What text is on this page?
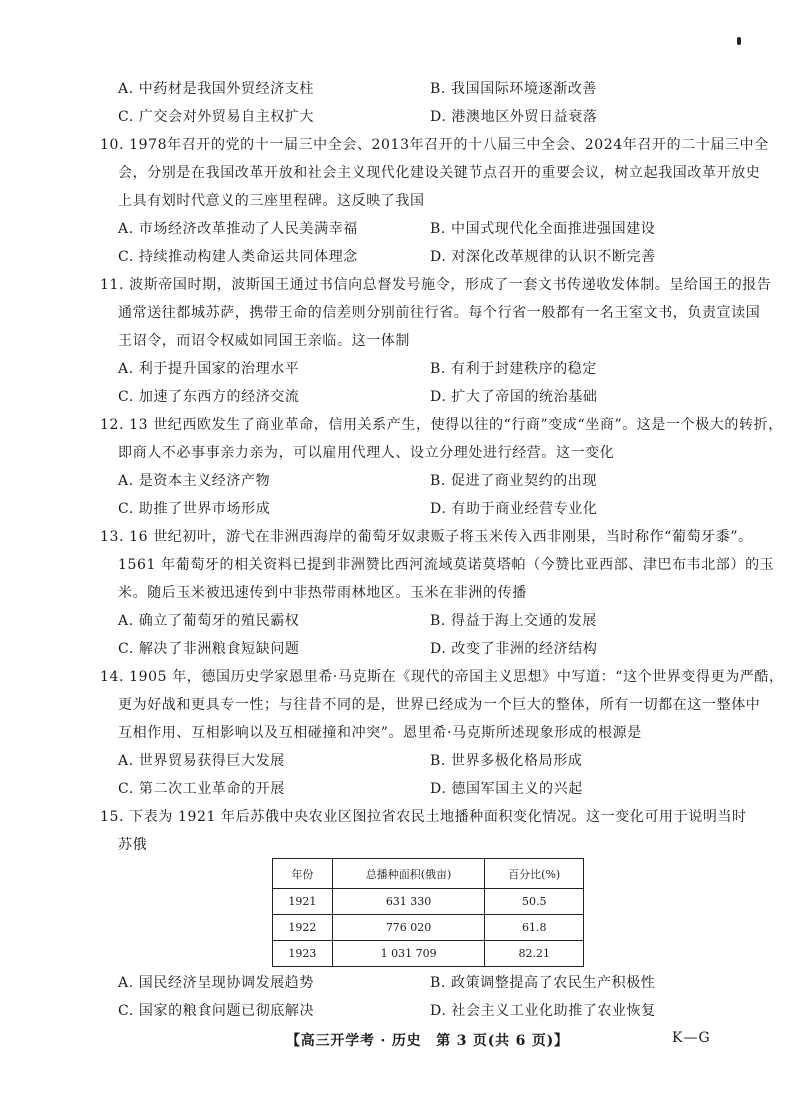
A. 中药材是我国外贸经济支柱	B. 我国国际环境逐渐改善
C. 广交会对外贸易自主权扩大	D. 港澳地区外贸日益衰落
10. 1978年召开的党的十一届三中全会、2013年召开的十八届三中全会、2024年召开的二十届三中全
会，分别是在我国改革开放和社会主义现代化建设关键节点召开的重要会议，树立起我国改革开放史
上具有划时代意义的三座里程碑。这反映了我国
A. 市场经济改革推动了人民美满幸福	B. 中国式现代化全面推进强国建设
C. 持续推动构建人类命运共同体理念	D. 对深化改革规律的认识不断完善
11. 波斯帝国时期，波斯国王通过书信向总督发号施令，形成了一套文书传递收发体制。呈给国王的报告
通常送往都城苏萨，携带王命的信差则分别前往行省。每个行省一般都有一名王室文书，负责宣读国
王诏令，而诏令权威如同国王亲临。这一体制
A. 利于提升国家的治理水平	B. 有利于封建秩序的稳定
C. 加速了东西方的经济交流	D. 扩大了帝国的统治基础
12. 13 世纪西欧发生了商业革命，信用关系产生，使得以往的“行商”变成“坐商”。这是一个极大的转折，
即商人不必事事亲力亲为，可以雇用代理人、设立分理处进行经营。这一变化
A. 是资本主义经济产物	B. 促进了商业契约的出现
C. 助推了世界市场形成	D. 有助于商业经营专业化
13. 16 世纪初叶，游弋在非洲西海岸的葡萄牙奴隶贩子将玉米传入西非刚果，当时称作“葡萄牙黍”。
1561 年葡萄牙的相关资料已提到非洲赞比西河流域莫诺莫塔帕（今赞比亚西部、津巴布韦北部）的玉
米。随后玉米被迅速传到中非热带雨林地区。玉米在非洲的传播
A. 确立了葡萄牙的殖民霸权	B. 得益于海上交通的发展
C. 解决了非洲粮食短缺问题	D. 改变了非洲的经济结构
14. 1905 年，德国历史学家恩里希·马克斯在《现代的帝国主义思想》中写道：“这个世界变得更为严酷，
更为好战和更具专一性；与往昔不同的是，世界已经成为一个巨大的整体，所有一切都在这一整体中
互相作用、互相影响以及互相碰撞和冲突”。恩里希·马克斯所述现象形成的根源是
A. 世界贸易获得巨大发展	B. 世界多极化格局形成
C. 第二次工业革命的开展	D. 德国军国主义的兴起
15. 下表为 1921 年后苏俄中央农业区图拉省农民土地播种面积变化情况。这一变化可用于说明当时
苏俄
年份	总播种面积(俄亩)	百分比(%)
1921	631 330	50.5
1922	776 020	61.8
1923	1 031 709	82.21
A. 国民经济呈现协调发展趋势	B. 政策调整提高了农民生产积极性
C. 国家的粮食问题已彻底解决	D. 社会主义工业化助推了农业恢复
【高三开学考 · 历史　第 3 页(共 6 页)】	K—G
